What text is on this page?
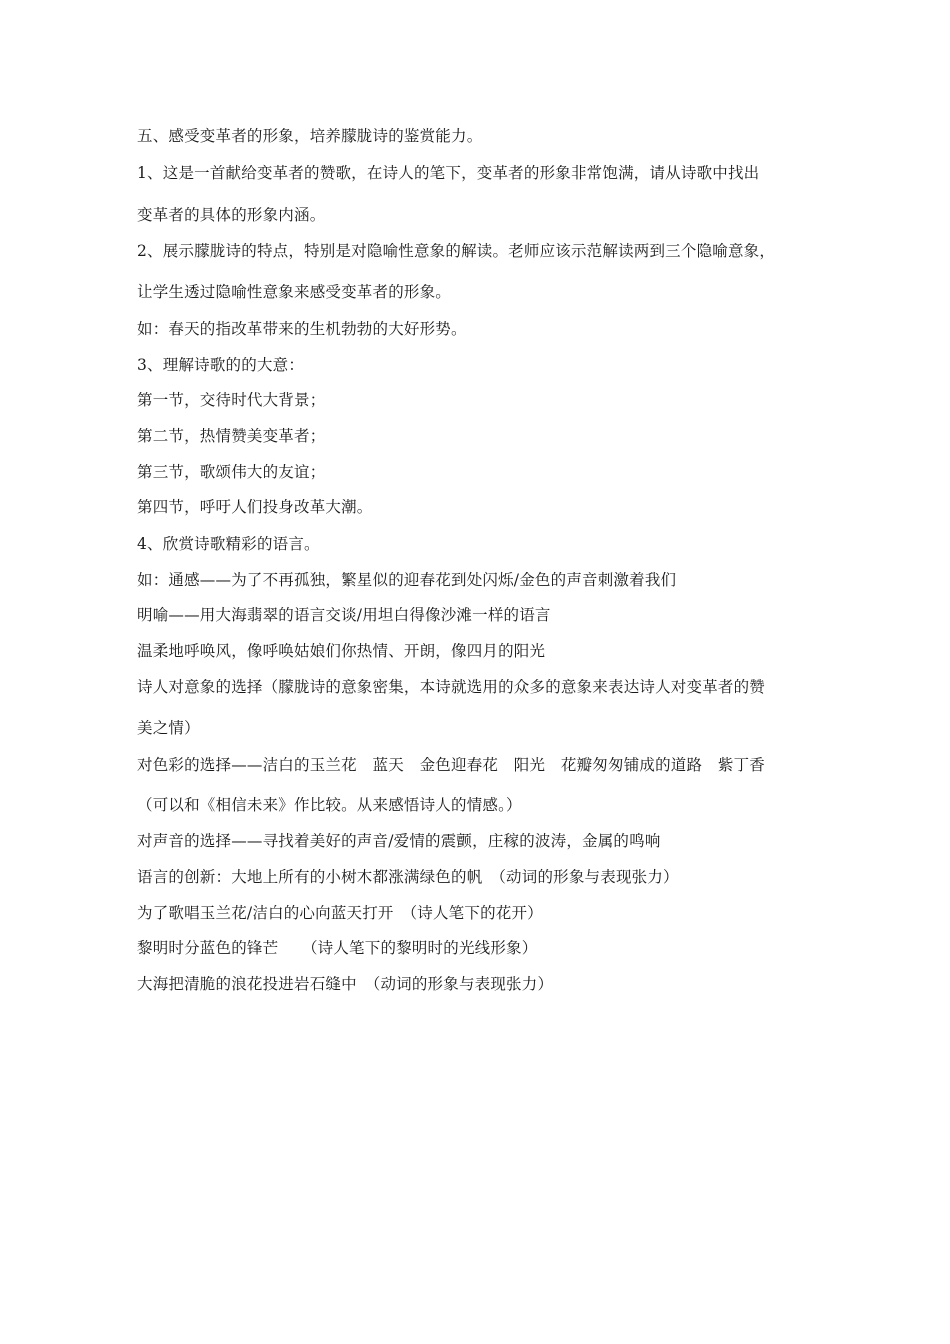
五、感受变革者的形象，培养朦胧诗的鉴赏能力。
1、这是一首献给变革者的赞歌，在诗人的笔下，变革者的形象非常饱满，请从诗歌中找出
变革者的具体的形象内涵。
2、展示朦胧诗的特点，特别是对隐喻性意象的解读。老师应该示范解读两到三个隐喻意象，
让学生透过隐喻性意象来感受变革者的形象。
如：春天的指改革带来的生机勃勃的大好形势。
3、理解诗歌的的大意：
第一节，交待时代大背景；
第二节，热情赞美变革者；
第三节，歌颂伟大的友谊；
第四节，呼吁人们投身改革大潮。
4、欣赏诗歌精彩的语言。
如：通感——为了不再孤独，繁星似的迎春花到处闪烁/金色的声音刺激着我们
明喻——用大海翡翠的语言交谈/用坦白得像沙滩一样的语言
温柔地呼唤风，像呼唤姑娘们你热情、开朗，像四月的阳光
诗人对意象的选择（朦胧诗的意象密集，本诗就选用的众多的意象来表达诗人对变革者的赞
美之情）
对色彩的选择——洁白的玉兰花　蓝天　金色迎春花　阳光　花瓣匆匆铺成的道路　紫丁香
（可以和《相信未来》作比较。从来感悟诗人的情感。）
对声音的选择——寻找着美好的声音/爱情的震颤，庄稼的波涛，金属的鸣响
语言的创新：大地上所有的小树木都涨满绿色的帆　（动词的形象与表现张力）
为了歌唱玉兰花/洁白的心向蓝天打开　（诗人笔下的花开）
黎明时分蓝色的锋芒　　（诗人笔下的黎明时的光线形象）
大海把清脆的浪花投进岩石缝中　（动词的形象与表现张力）
